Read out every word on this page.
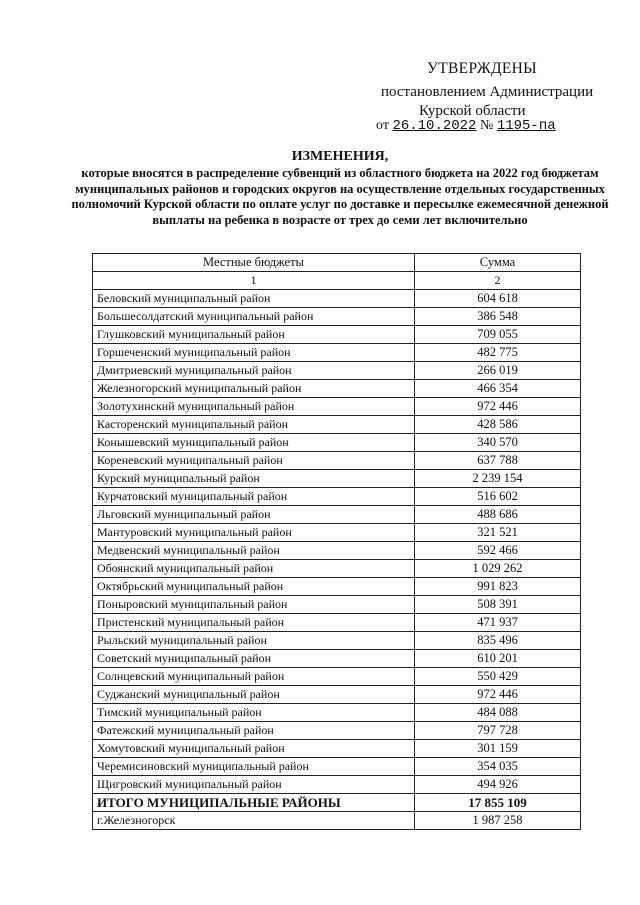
УТВЕРЖДЕНЫ
постановлением Администрации
Курской области
от 26.10.2022 № 1195-па
ИЗМЕНЕНИЯ,
которые вносятся в распределение субвенций из областного бюджета на 2022 год бюджетам муниципальных районов и городских округов на осуществление отдельных государственных полномочий Курской области по оплате услуг по доставке и пересылке ежемесячной денежной выплаты на ребенка в возрасте от трех до семи лет включительно
Местные бюджеты	Сумма
1	2
Беловский муниципальный район	604 618
Большесолдатский муниципальный район	386 548
Глушковский муниципальный район	709 055
Горшеченский муниципальный район	482 775
Дмитриевский муниципальный район	266 019
Железногорский муниципальный район	466 354
Золотухинский муниципальный район	972 446
Касторенский муниципальный район	428 586
Конышевский муниципальный район	340 570
Кореневский муниципальный район	637 788
Курский муниципальный район	2 239 154
Курчатовский муниципальный район	516 602
Льговский муниципальный район	488 686
Мантуровский муниципальный район	321 521
Медвенский муниципальный район	592 466
Обоянский муниципальный район	1 029 262
Октябрьский муниципальный район	991 823
Поныровский муниципальный район	508 391
Пристенский муниципальный район	471 937
Рыльский муниципальный район	835 496
Советский муниципальный район	610 201
Солнцевский муниципальный район	550 429
Суджанский муниципальный район	972 446
Тимский муниципальный район	484 088
Фатежский муниципальный район	797 728
Хомутовский муниципальный район	301 159
Черемисиновский муниципальный район	354 035
Щигровский муниципальный район	494 926
ИТОГО МУНИЦИПАЛЬНЫЕ РАЙОНЫ	17 855 109
г.Железногорск	1 987 258
